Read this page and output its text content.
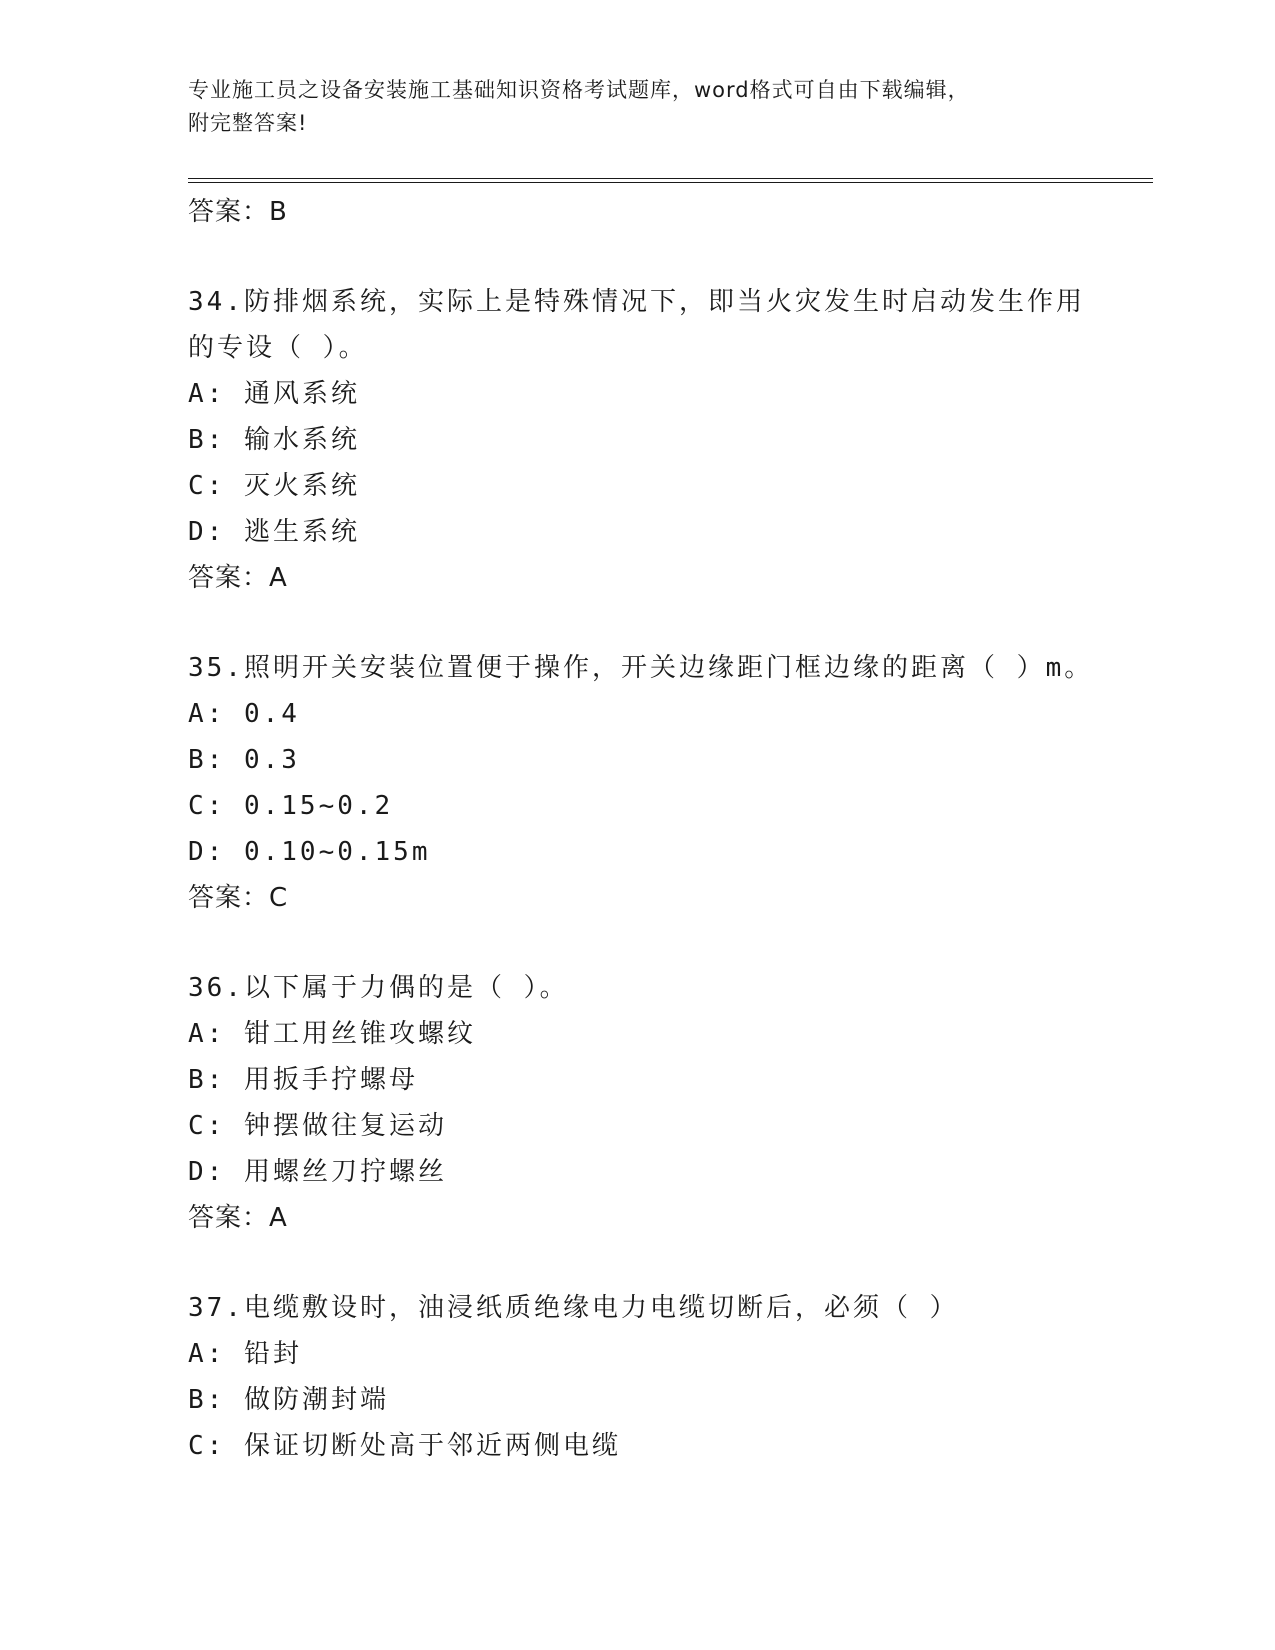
专业施工员之设备安装施工基础知识资格考试题库，word格式可自由下载编辑，
附完整答案!
答案：B
34.防排烟系统，实际上是特殊情况下，即当火灾发生时启动发生作用
的专设（ ）。
A: 通风系统
B: 输水系统
C: 灭火系统
D: 逃生系统
答案：A
35.照明开关安装位置便于操作，开关边缘距门框边缘的距离（ ）m。
A: 0.4
B: 0.3
C: 0.15~0.2
D: 0.10~0.15m
答案：C
36.以下属于力偶的是（ ）。
A: 钳工用丝锥攻螺纹
B: 用扳手拧螺母
C: 钟摆做往复运动
D: 用螺丝刀拧螺丝
答案：A
37.电缆敷设时，油浸纸质绝缘电力电缆切断后，必须（ ）
A: 铅封
B: 做防潮封端
C: 保证切断处高于邻近两侧电缆
